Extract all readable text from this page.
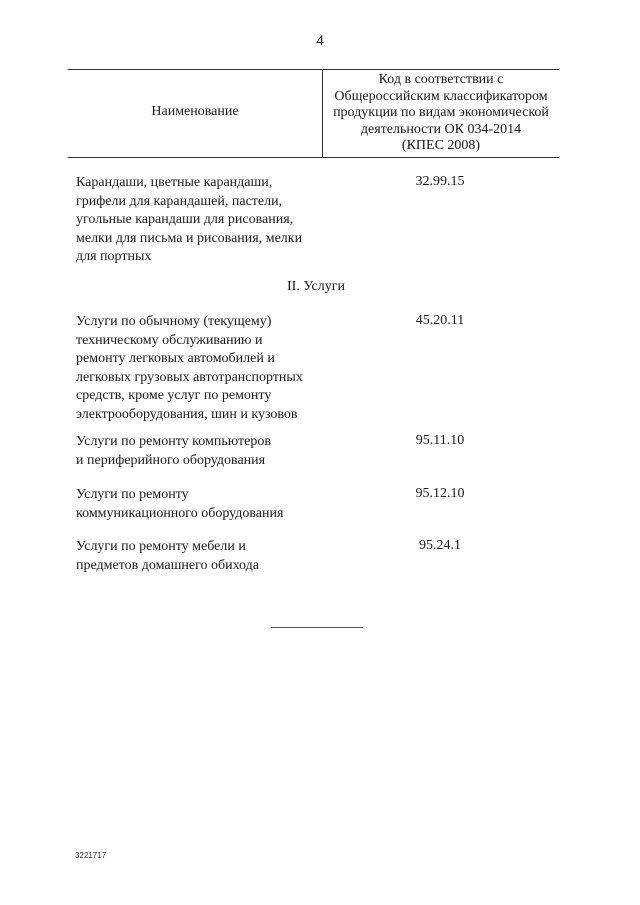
4
Наименование
Код в соответствии с
Общероссийским классификатором
продукции по видам экономической
деятельности ОК 034-2014
(КПЕС 2008)
Карандаши, цветные карандаши,
грифели для карандашей, пастели,
угольные карандаши для рисования,
мелки для письма и рисования, мелки
для портных
32.99.15
II. Услуги
Услуги по обычному (текущему)
техническому обслуживанию и
ремонту легковых автомобилей и
легковых грузовых автотранспортных
средств, кроме услуг по ремонту
электрооборудования, шин и кузовов
45.20.11
Услуги по ремонту компьютеров
и периферийного оборудования
95.11.10
Услуги по ремонту
коммуникационного оборудования
95.12.10
Услуги по ремонту мебели и
предметов домашнего обихода
95.24.1
3221717
